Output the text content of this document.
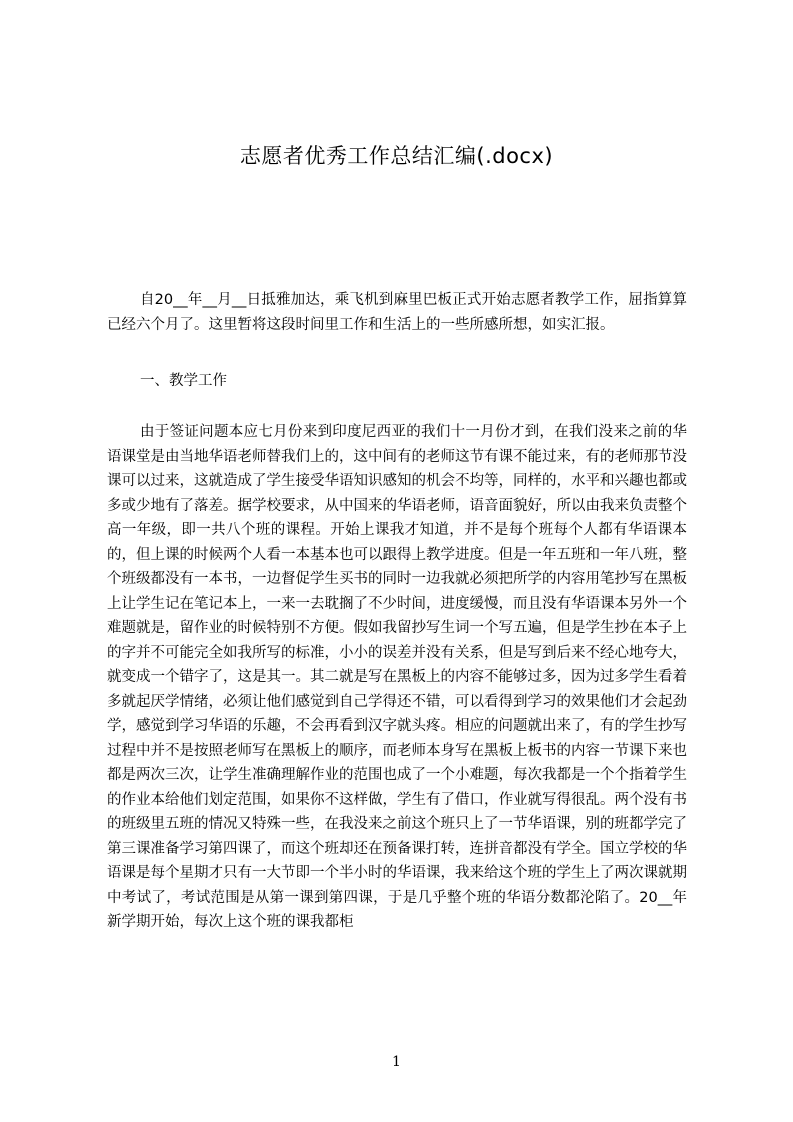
志愿者优秀工作总结汇编(.docx)

自20__年__月__日抵雅加达，乘飞机到麻里巴板正式开始志愿者教学工作，屈指算算已经六个月了。这里暂将这段时间里工作和生活上的一些所感所想，如实汇报。

一、教学工作

由于签证问题本应七月份来到印度尼西亚的我们十一月份才到，在我们没来之前的华语课堂是由当地华语老师替我们上的，这中间有的老师这节有课不能过来，有的老师那节没课可以过来，这就造成了学生接受华语知识感知的机会不均等，同样的，水平和兴趣也都或多或少地有了落差。据学校要求，从中国来的华语老师，语音面貌好，所以由我来负责整个高一年级，即一共八个班的课程。开始上课我才知道，并不是每个班每个人都有华语课本的，但上课的时候两个人看一本基本也可以跟得上教学进度。但是一年五班和一年八班，整个班级都没有一本书，一边督促学生买书的同时一边我就必须把所学的内容用笔抄写在黑板上让学生记在笔记本上，一来一去耽搁了不少时间，进度缓慢，而且没有华语课本另外一个难题就是，留作业的时候特别不方便。假如我留抄写生词一个写五遍，但是学生抄在本子上的字并不可能完全如我所写的标准，小小的误差并没有关系，但是写到后来不经心地夸大，就变成一个错字了，这是其一。其二就是写在黑板上的内容不能够过多，因为过多学生看着多就起厌学情绪，必须让他们感觉到自己学得还不错，可以看得到学习的效果他们才会起劲学，感觉到学习华语的乐趣，不会再看到汉字就头疼。相应的问题就出来了，有的学生抄写过程中并不是按照老师写在黑板上的顺序，而老师本身写在黑板上板书的内容一节课下来也都是两次三次，让学生准确理解作业的范围也成了一个小难题，每次我都是一个个指着学生的作业本给他们划定范围，如果你不这样做，学生有了借口，作业就写得很乱。两个没有书的班级里五班的情况又特殊一些，在我没来之前这个班只上了一节华语课，别的班都学完了第三课准备学习第四课了，而这个班却还在预备课打转，连拼音都没有学全。国立学校的华语课是每个星期才只有一大节即一个半小时的华语课，我来给这个班的学生上了两次课就期中考试了，考试范围是从第一课到第四课，于是几乎整个班的华语分数都沦陷了。20__年新学期开始，每次上这个班的课我都柜

1
